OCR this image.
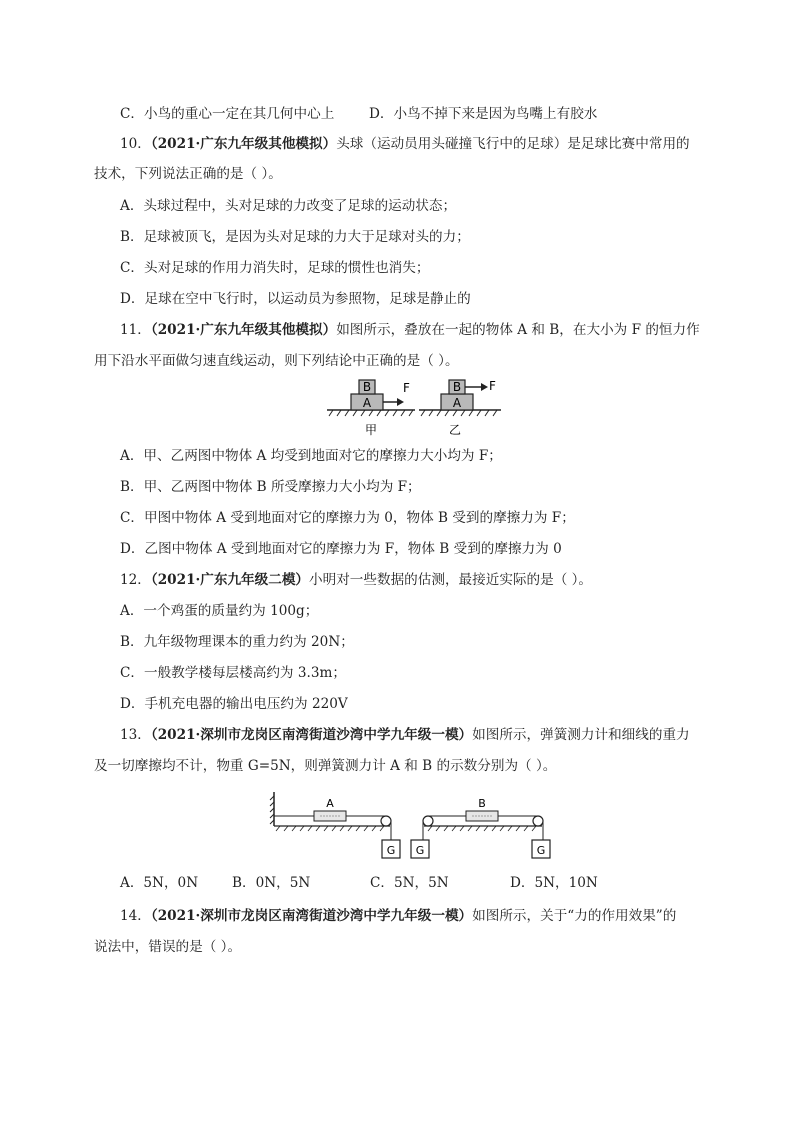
C．小鸟的重心一定在其几何中心上	D．小鸟不掉下来是因为鸟嘴上有胶水
10．（2021·广东九年级其他模拟）头球（运动员用头碰撞飞行中的足球）是足球比赛中常用的
技术，下列说法正确的是（ ）。
A．头球过程中，头对足球的力改变了足球的运动状态；
B．足球被顶飞，是因为头对足球的力大于足球对头的力；
C．头对足球的作用力消失时，足球的惯性也消失；
D．足球在空中飞行时，以运动员为参照物，足球是静止的
11．（2021·广东九年级其他模拟）如图所示，叠放在一起的物体 A 和 B，在大小为 F 的恒力作
用下沿水平面做匀速直线运动，则下列结论中正确的是（ ）。
A
B	F
甲
A
B F
乙
A．甲、乙两图中物体 A 均受到地面对它的摩擦力大小均为 F；
B．甲、乙两图中物体 B 所受摩擦力大小均为 F；
C．甲图中物体 A 受到地面对它的摩擦力为 0，物体 B 受到的摩擦力为 F；
D．乙图中物体 A 受到地面对它的摩擦力为 F，物体 B 受到的摩擦力为 0
12．（2021·广东九年级二模）小明对一些数据的估测，最接近实际的是（ ）。
A．一个鸡蛋的质量约为 100g；
B．九年级物理课本的重力约为 20N；
C．一般教学楼每层楼高约为 3.3m；
D．手机充电器的输出电压约为 220V
13．（2021·深圳市龙岗区南湾街道沙湾中学九年级一模）如图所示，弹簧测力计和细线的重力
及一切摩擦均不计，物重 G=5N，则弹簧测力计 A 和 B 的示数分别为（ ）。
A
G
B
G	G
A．5N，0N B．0N，5N	C．5N，5N	D．5N，10N
14．（2021·深圳市龙岗区南湾街道沙湾中学九年级一模）如图所示，关于“力的作用效果”的
说法中，错误的是（ ）。
